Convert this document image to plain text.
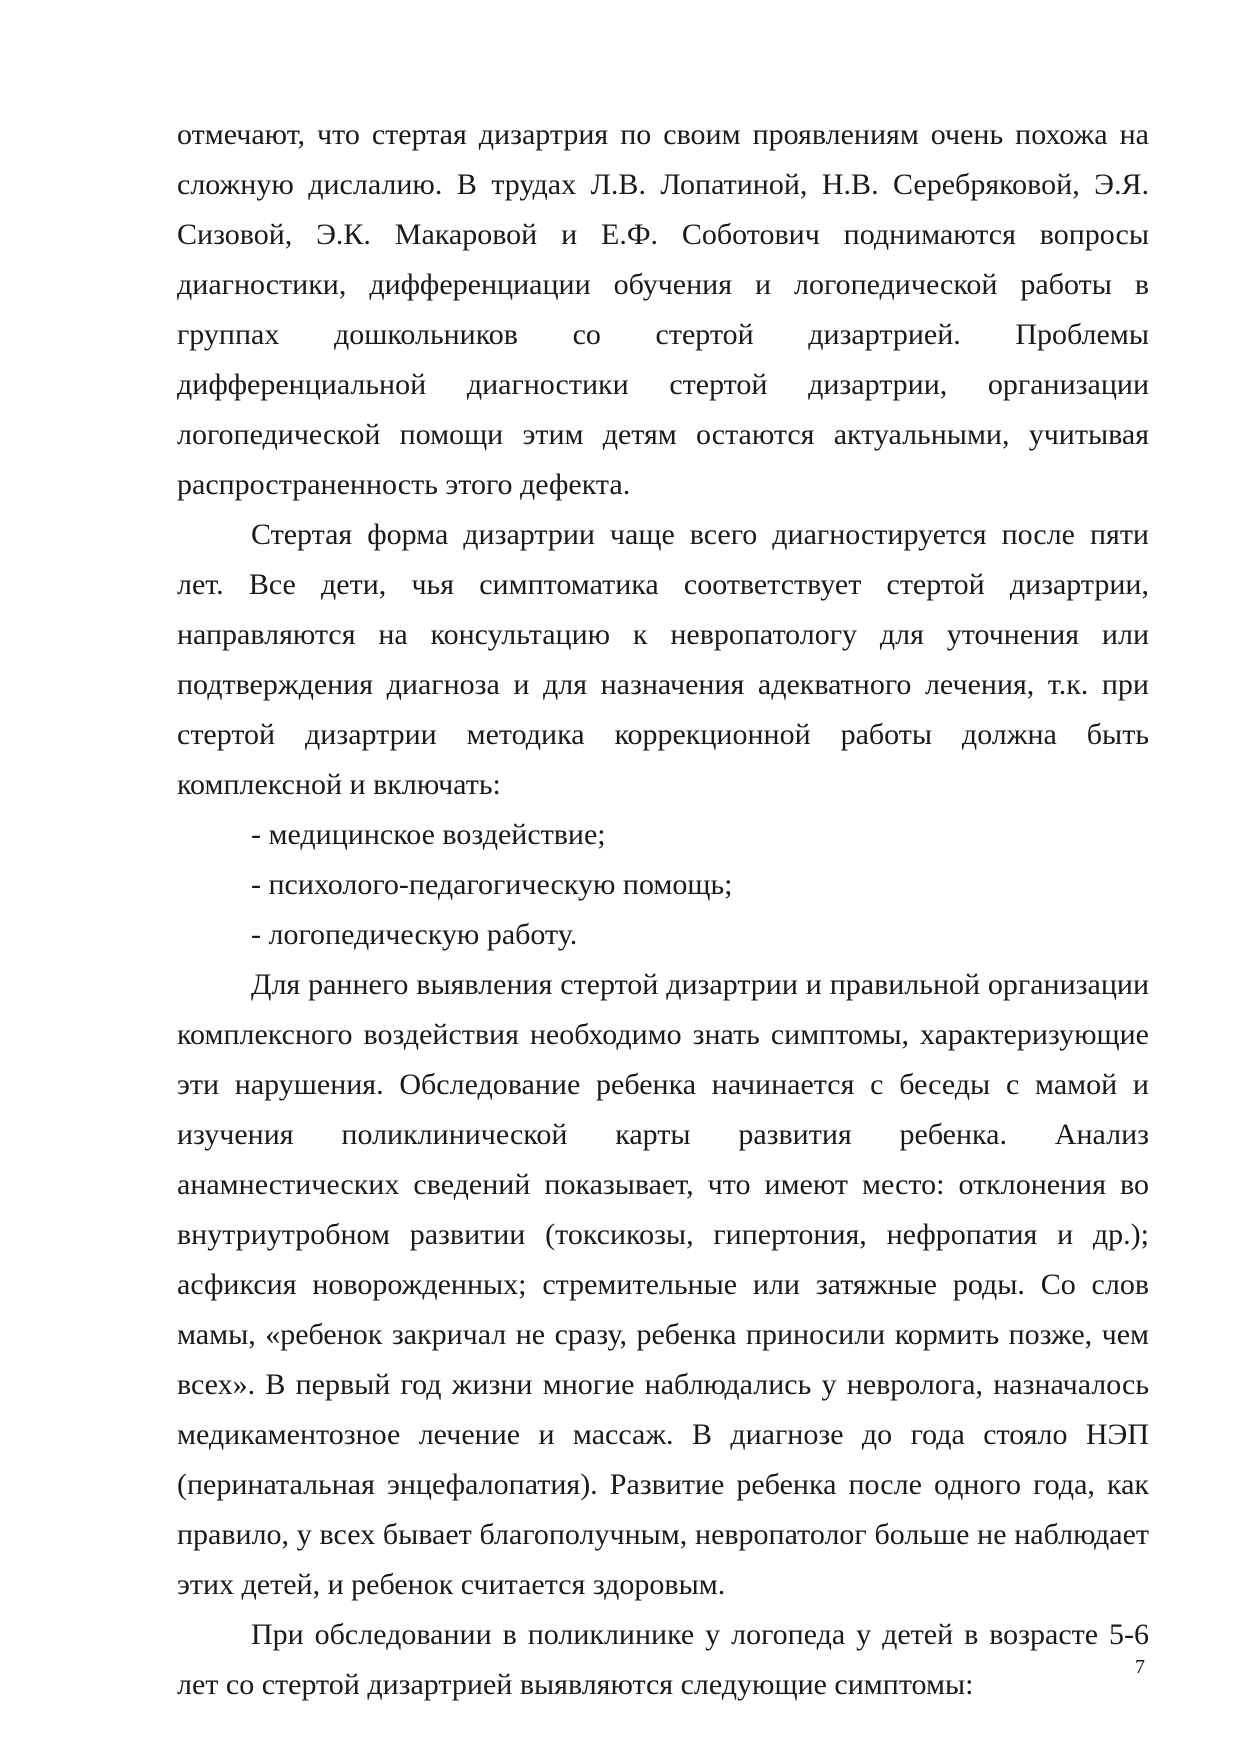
отмечают, что стертая дизартрия по своим проявлениям очень похожа на сложную дислалию. В трудах Л.В. Лопатиной, Н.В. Серебряковой, Э.Я. Сизовой, Э.К. Макаровой и Е.Ф. Соботович поднимаются вопросы диагностики, дифференциации обучения и логопедической работы в группах дошкольников со стертой дизартрией. Проблемы дифференциальной диагностики стертой дизартрии, организации логопедической помощи этим детям остаются актуальными, учитывая распространенность этого дефекта.

Стертая форма дизартрии чаще всего диагностируется после пяти лет. Все дети, чья симптоматика соответствует стертой дизартрии, направляются на консультацию к невропатологу для уточнения или подтверждения диагноза и для назначения адекватного лечения, т.к. при стертой дизартрии методика коррекционной работы должна быть комплексной и включать:

- медицинское воздействие;

- психолого-педагогическую помощь;

- логопедическую работу.

Для раннего выявления стертой дизартрии и правильной организации комплексного воздействия необходимо знать симптомы, характеризующие эти нарушения. Обследование ребенка начинается с беседы с мамой и изучения поликлинической карты развития ребенка. Анализ анамнестических сведений показывает, что имеют место: отклонения во внутриутробном развитии (токсикозы, гипертония, нефропатия и др.); асфиксия новорожденных; стремительные или затяжные роды. Со слов мамы, «ребенок закричал не сразу, ребенка приносили кормить позже, чем всех». В первый год жизни многие наблюдались у невролога, назначалось медикаментозное лечение и массаж. В диагнозе до года стояло НЭП (перинатальная энцефалопатия). Развитие ребенка после одного года, как правило, у всех бывает благополучным, невропатолог больше не наблюдает этих детей, и ребенок считается здоровым.

При обследовании в поликлинике у логопеда у детей в возрасте 5-6 лет со стертой дизартрией выявляются следующие симптомы:

7
